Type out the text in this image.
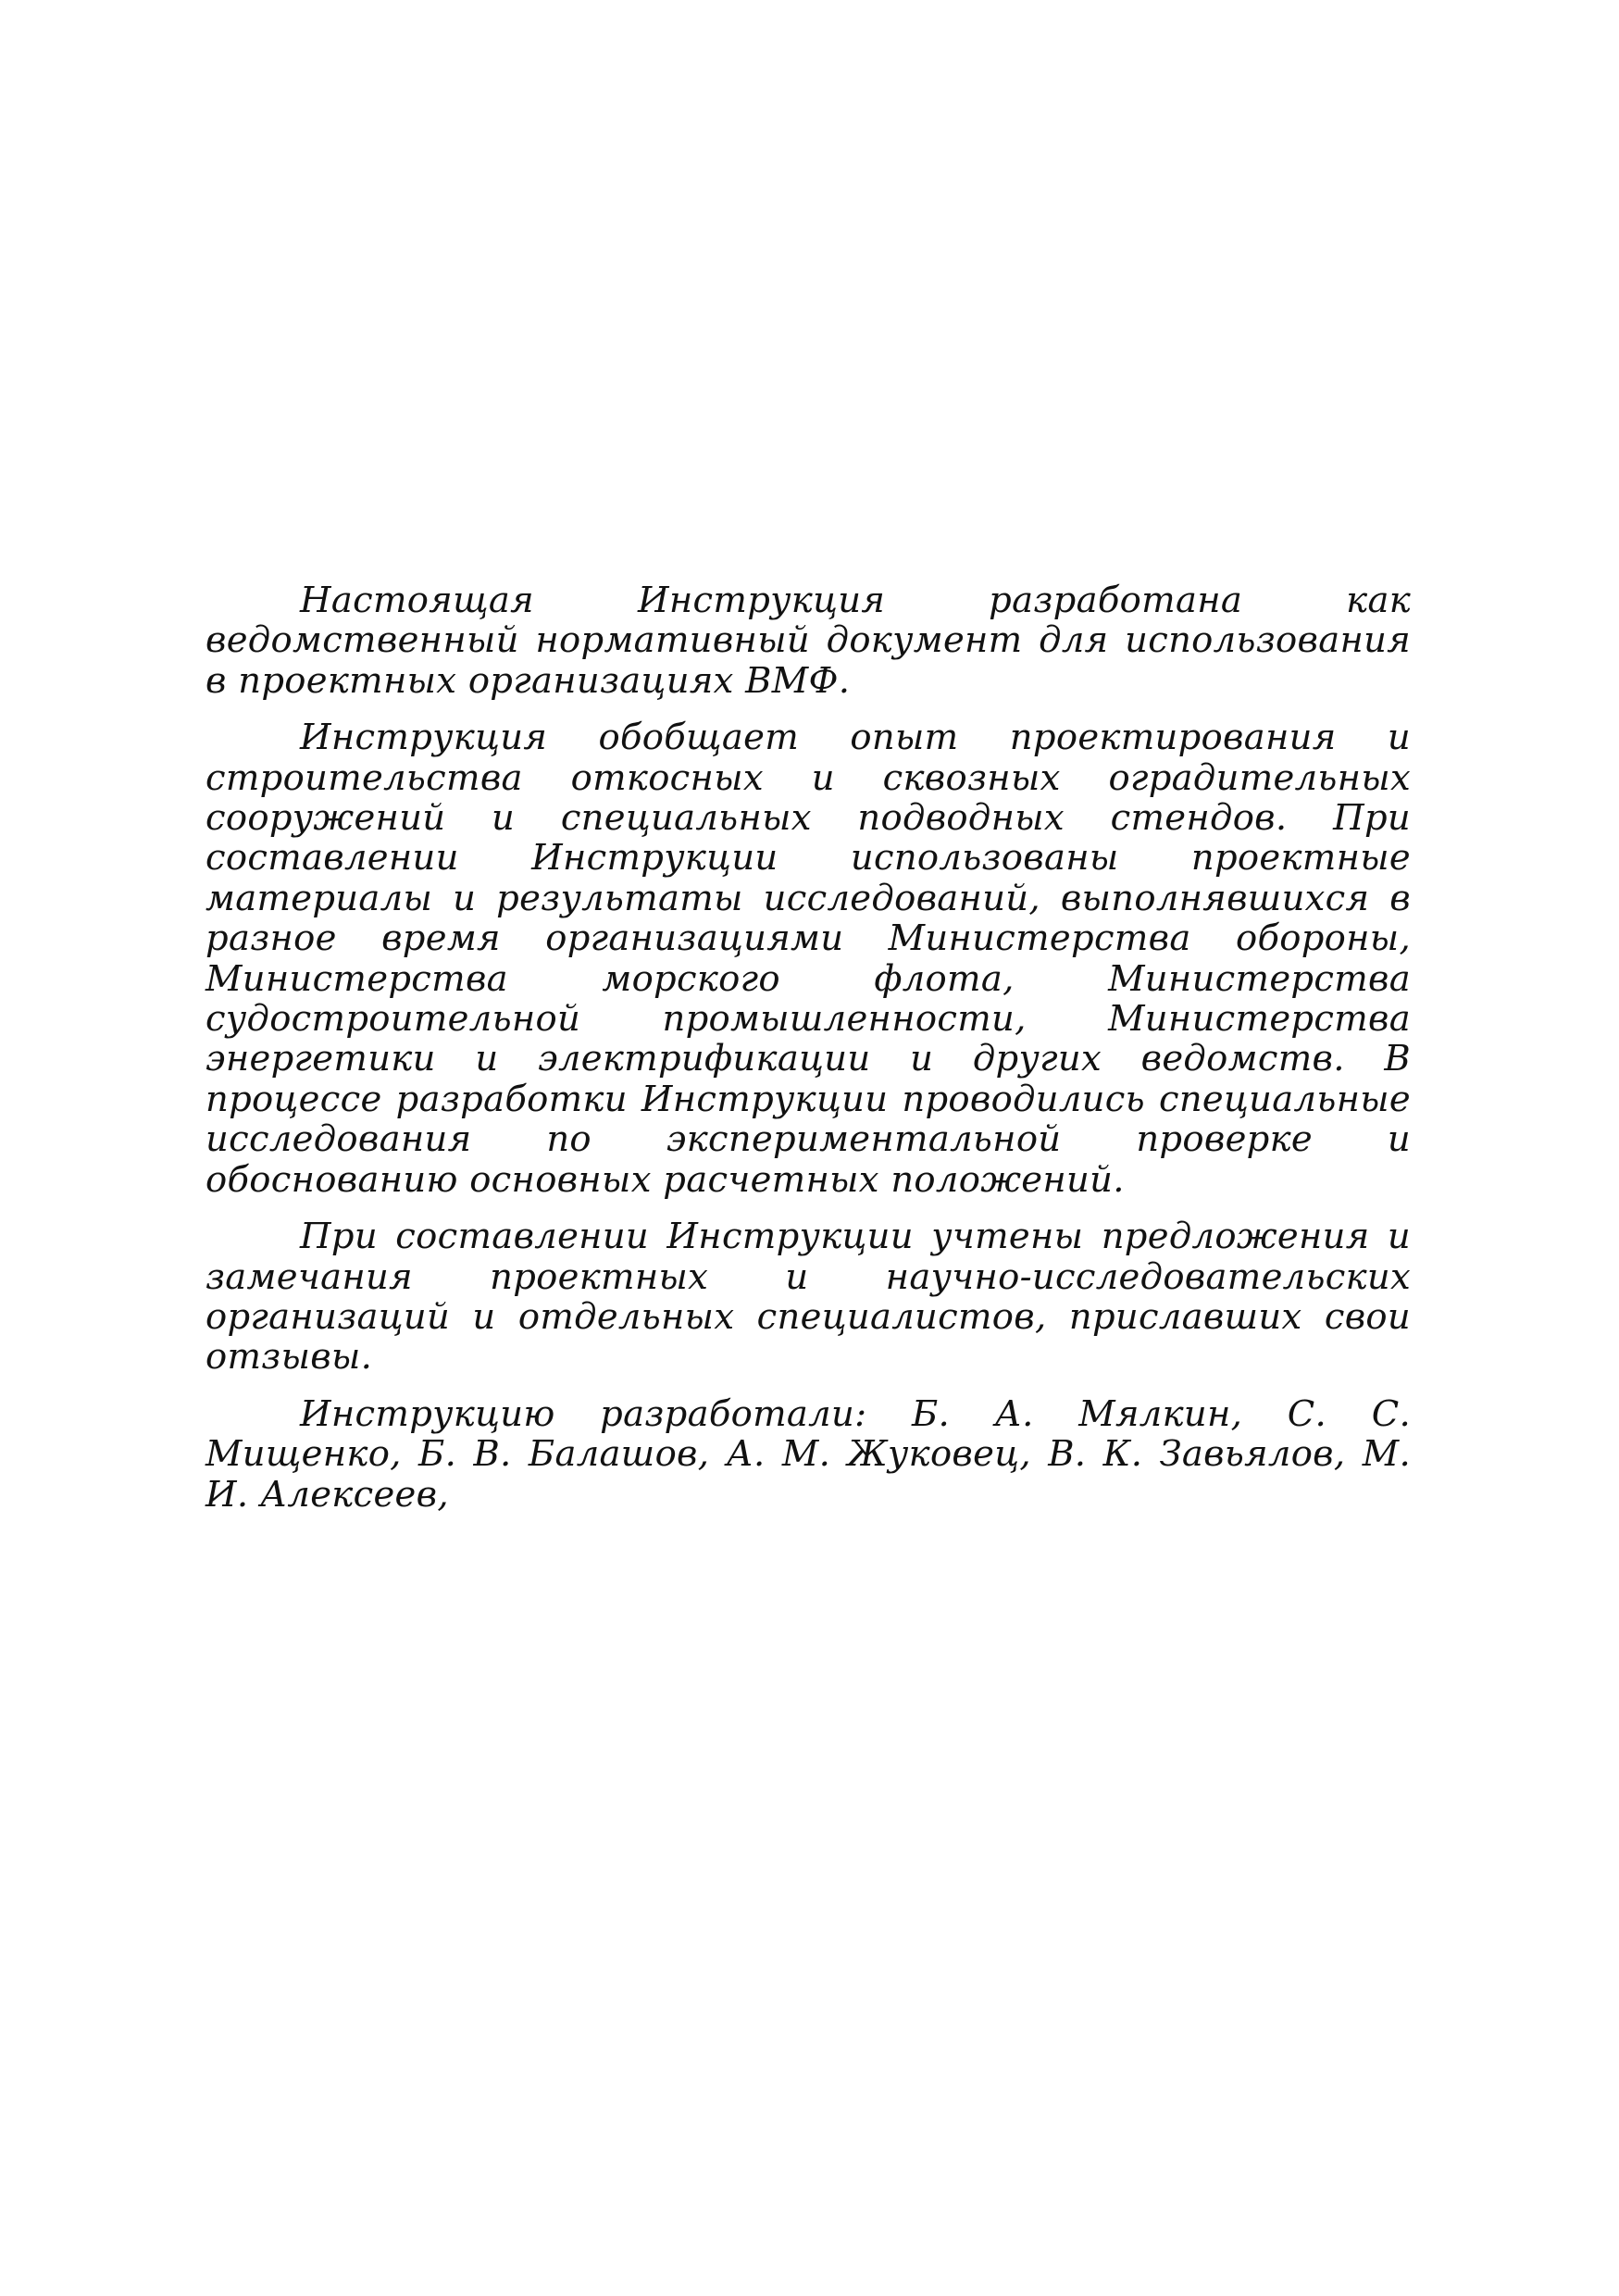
Настоящая Инструкция разработана как ведомственный нормативный документ для использования в проектных организациях ВМФ.

Инструкция обобщает опыт проектирования и строительства откосных и сквозных оградительных сооружений и специальных подводных стендов. При составлении Инструкции использованы проектные материалы и результаты исследований, выполнявшихся в разное время организациями Министерства обороны, Министерства морского флота, Министерства судостроительной промышленности, Министерства энергетики и электрификации и других ведомств. В процессе разработки Инструкции проводились специальные исследования по экспериментальной проверке и обоснованию основных расчетных положений.

При составлении Инструкции учтены предложения и замечания проектных и научно-исследовательских организаций и отдельных специалистов, приславших свои отзывы.

Инструкцию разработали: Б. А. Мялкин, С. С. Мищенко, Б. В. Балашов, А. М. Жуковец, В. К. Завьялов, М. И. Алексеев,
